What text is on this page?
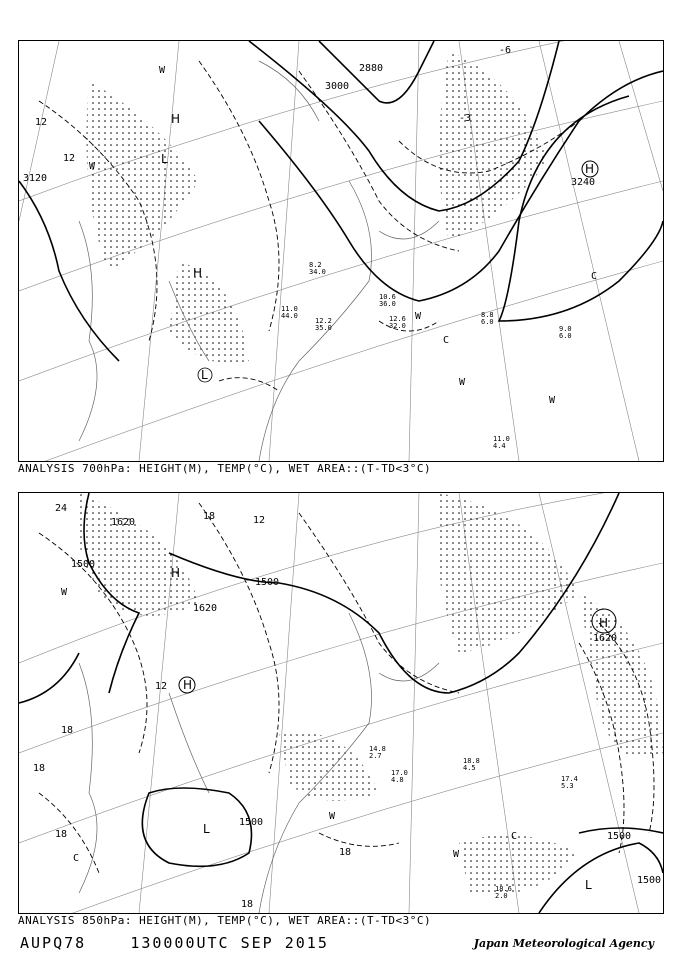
3120
3000
2880
3240
12
12
-6
-3
H
H
L
L
H
W
W
W
W
W
C
C
8.8
6.0
9.0
6.0
11.0
4.4
10.6
36.0
12.6
32.0
8.2
34.0
11.0
44.0
12.2
35.0
ANALYSIS 700hPa: HEIGHT(M), TEMP(°C), WET AREA::(T-TD<3°C)
1500
1500
1500
1500
1500
1620
1620
1620
24
18
18
18
18
18
18
12
12
H
H
H
L
L
W
W
W
C
C
17.4
5.3
18.6
2.0
18.8
4.5
17.0
4.8
14.8
2.7
ANALYSIS 850hPa: HEIGHT(M), TEMP(°C), WET AREA::(T-TD<3°C)
AUPQ78	130000UTC SEP 2015	Japan Meteorological Agency
